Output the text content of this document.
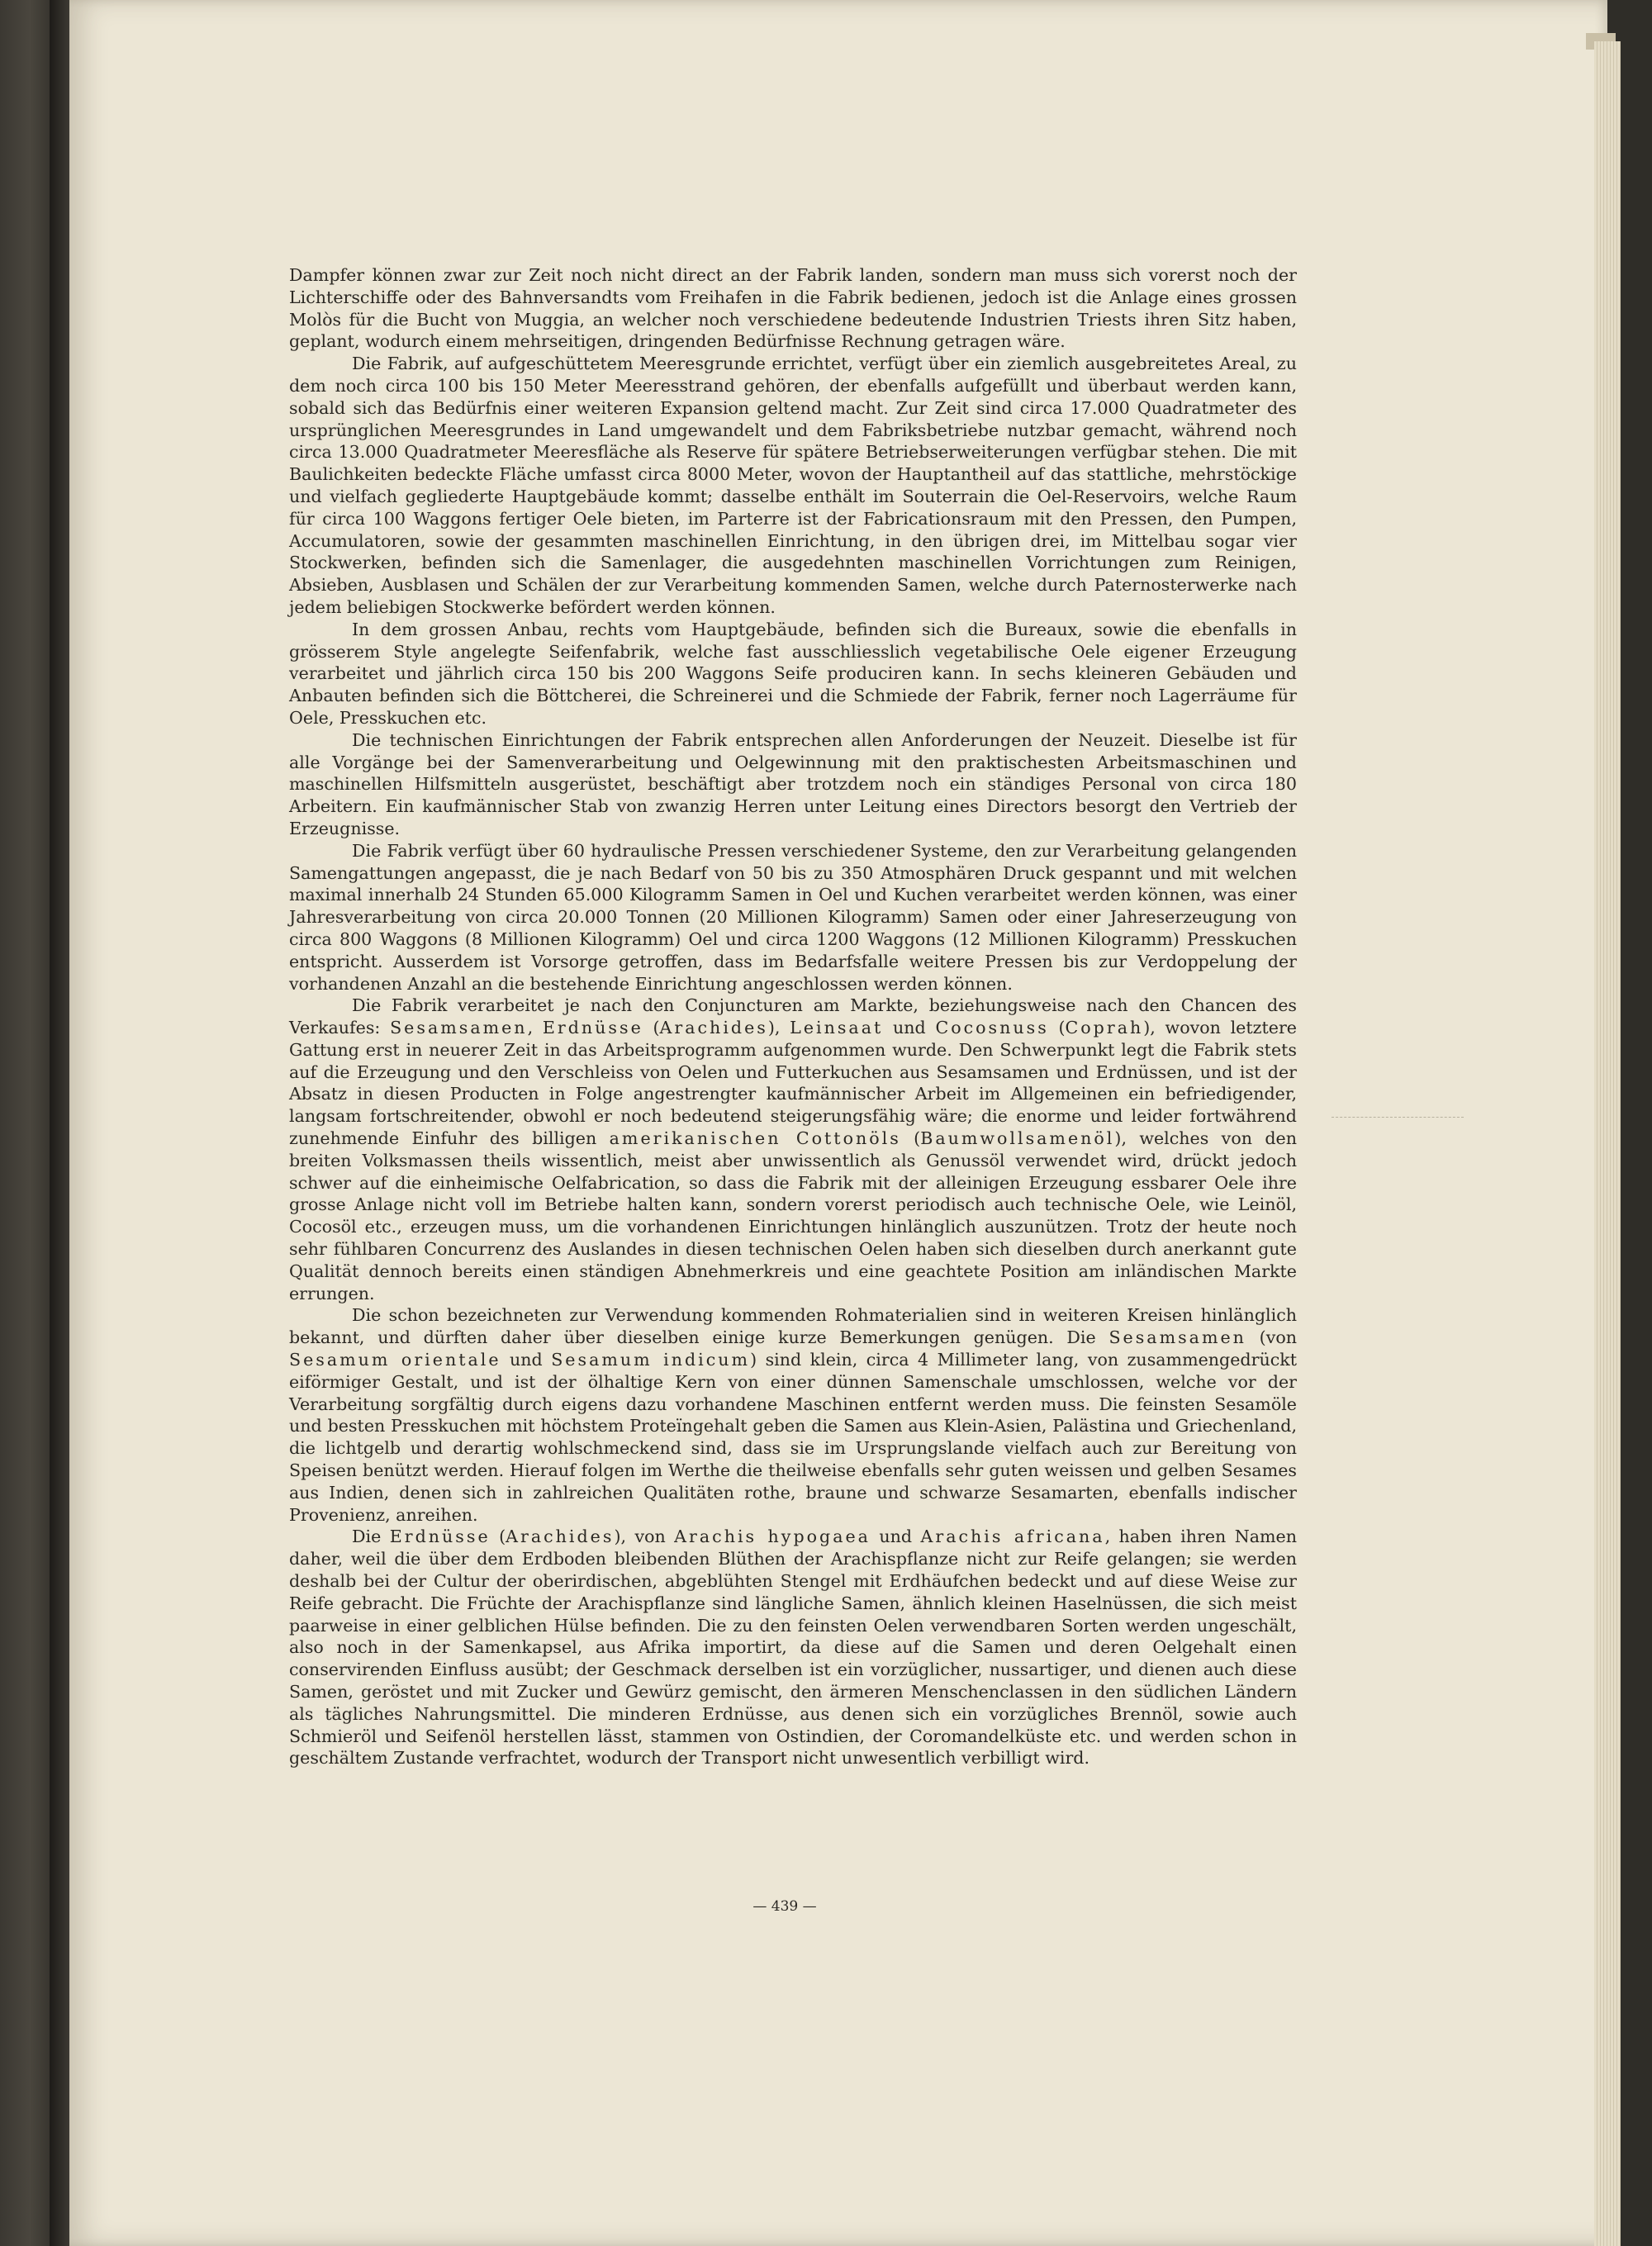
Dampfer können zwar zur Zeit noch nicht direct an der Fabrik landen, sondern man muss sich vorerst noch der Lichterschiffe oder des Bahnversandts vom Freihafen in die Fabrik bedienen, jedoch ist die Anlage eines grossen Molòs für die Bucht von Muggia, an welcher noch verschiedene bedeutende Industrien Triests ihren Sitz haben, geplant, wodurch einem mehrseitigen, dringenden Bedürfnisse Rechnung getragen wäre.

Die Fabrik, auf aufgeschüttetem Meeresgrunde errichtet, verfügt über ein ziemlich ausgebreitetes Areal, zu dem noch circa 100 bis 150 Meter Meeresstrand gehören, der ebenfalls aufgefüllt und überbaut werden kann, sobald sich das Bedürfnis einer weiteren Expansion geltend macht. Zur Zeit sind circa 17.000 Quadratmeter des ursprünglichen Meeresgrundes in Land umgewandelt und dem Fabriksbetriebe nutzbar gemacht, während noch circa 13.000 Quadratmeter Meeresfläche als Reserve für spätere Betriebserweiterungen verfügbar stehen. Die mit Baulichkeiten bedeckte Fläche umfasst circa 8000 Meter, wovon der Hauptantheil auf das stattliche, mehrstöckige und vielfach gegliederte Hauptgebäude kommt; dasselbe enthält im Souterrain die Oel-Reservoirs, welche Raum für circa 100 Waggons fertiger Oele bieten, im Parterre ist der Fabricationsraum mit den Pressen, den Pumpen, Accumulatoren, sowie der gesammten maschinellen Einrichtung, in den übrigen drei, im Mittelbau sogar vier Stockwerken, befinden sich die Samenlager, die ausgedehnten maschinellen Vorrichtungen zum Reinigen, Absieben, Ausblasen und Schälen der zur Verarbeitung kommenden Samen, welche durch Paternosterwerke nach jedem beliebigen Stockwerke befördert werden können.

In dem grossen Anbau, rechts vom Hauptgebäude, befinden sich die Bureaux, sowie die ebenfalls in grösserem Style angelegte Seifenfabrik, welche fast ausschliesslich vegetabilische Oele eigener Erzeugung verarbeitet und jährlich circa 150 bis 200 Waggons Seife produciren kann. In sechs kleineren Gebäuden und Anbauten befinden sich die Böttcherei, die Schreinerei und die Schmiede der Fabrik, ferner noch Lagerräume für Oele, Presskuchen etc.

Die technischen Einrichtungen der Fabrik entsprechen allen Anforderungen der Neuzeit. Dieselbe ist für alle Vorgänge bei der Samenverarbeitung und Oelgewinnung mit den praktischesten Arbeitsmaschinen und maschinellen Hilfsmitteln ausgerüstet, beschäftigt aber trotzdem noch ein ständiges Personal von circa 180 Arbeitern. Ein kaufmännischer Stab von zwanzig Herren unter Leitung eines Directors besorgt den Vertrieb der Erzeugnisse.

Die Fabrik verfügt über 60 hydraulische Pressen verschiedener Systeme, den zur Verarbeitung gelangenden Samengattungen angepasst, die je nach Bedarf von 50 bis zu 350 Atmosphären Druck gespannt und mit welchen maximal innerhalb 24 Stunden 65.000 Kilogramm Samen in Oel und Kuchen verarbeitet werden können, was einer Jahresverarbeitung von circa 20.000 Tonnen (20 Millionen Kilogramm) Samen oder einer Jahreserzeugung von circa 800 Waggons (8 Millionen Kilogramm) Oel und circa 1200 Waggons (12 Millionen Kilogramm) Presskuchen entspricht. Ausserdem ist Vorsorge getroffen, dass im Bedarfsfalle weitere Pressen bis zur Verdoppelung der vorhandenen Anzahl an die bestehende Einrichtung angeschlossen werden können.

Die Fabrik verarbeitet je nach den Conjuncturen am Markte, beziehungsweise nach den Chancen des Verkaufes: Sesamsamen, Erdnüsse (Arachides), Leinsaat und Cocosnuss (Coprah), wovon letztere Gattung erst in neuerer Zeit in das Arbeitsprogramm aufgenommen wurde. Den Schwerpunkt legt die Fabrik stets auf die Erzeugung und den Verschleiss von Oelen und Futterkuchen aus Sesamsamen und Erdnüssen, und ist der Absatz in diesen Producten in Folge angestrengter kaufmännischer Arbeit im Allgemeinen ein befriedigender, langsam fortschreitender, obwohl er noch bedeutend steigerungsfähig wäre; die enorme und leider fortwährend zunehmende Einfuhr des billigen amerikanischen Cottonöls (Baumwollsamenöl), welches von den breiten Volksmassen theils wissentlich, meist aber unwissentlich als Genussöl verwendet wird, drückt jedoch schwer auf die einheimische Oelfabrication, so dass die Fabrik mit der alleinigen Erzeugung essbarer Oele ihre grosse Anlage nicht voll im Betriebe halten kann, sondern vorerst periodisch auch technische Oele, wie Leinöl, Cocosöl etc., erzeugen muss, um die vorhandenen Einrichtungen hinlänglich auszunützen. Trotz der heute noch sehr fühlbaren Concurrenz des Auslandes in diesen technischen Oelen haben sich dieselben durch anerkannt gute Qualität dennoch bereits einen ständigen Abnehmerkreis und eine geachtete Position am inländischen Markte errungen.

Die schon bezeichneten zur Verwendung kommenden Rohmaterialien sind in weiteren Kreisen hinlänglich bekannt, und dürften daher über dieselben einige kurze Bemerkungen genügen. Die Sesamsamen (von Sesamum orientale und Sesamum indicum) sind klein, circa 4 Millimeter lang, von zusammengedrückt eiförmiger Gestalt, und ist der ölhaltige Kern von einer dünnen Samenschale umschlossen, welche vor der Verarbeitung sorgfältig durch eigens dazu vorhandene Maschinen entfernt werden muss. Die feinsten Sesamöle und besten Presskuchen mit höchstem Proteïngehalt geben die Samen aus Klein-Asien, Palästina und Griechenland, die lichtgelb und derartig wohlschmeckend sind, dass sie im Ursprungslande vielfach auch zur Bereitung von Speisen benützt werden. Hierauf folgen im Werthe die theilweise ebenfalls sehr guten weissen und gelben Sesames aus Indien, denen sich in zahlreichen Qualitäten rothe, braune und schwarze Sesamarten, ebenfalls indischer Provenienz, anreihen.

Die Erdnüsse (Arachides), von Arachis hypogaea und Arachis africana, haben ihren Namen daher, weil die über dem Erdboden bleibenden Blüthen der Arachispflanze nicht zur Reife gelangen; sie werden deshalb bei der Cultur der oberirdischen, abgeblühten Stengel mit Erdhäufchen bedeckt und auf diese Weise zur Reife gebracht. Die Früchte der Arachispflanze sind längliche Samen, ähnlich kleinen Haselnüssen, die sich meist paarweise in einer gelblichen Hülse befinden. Die zu den feinsten Oelen verwendbaren Sorten werden ungeschält, also noch in der Samenkapsel, aus Afrika importirt, da diese auf die Samen und deren Oelgehalt einen conservirenden Einfluss ausübt; der Geschmack derselben ist ein vorzüglicher, nussartiger, und dienen auch diese Samen, geröstet und mit Zucker und Gewürz gemischt, den ärmeren Menschenclassen in den südlichen Ländern als tägliches Nahrungsmittel. Die minderen Erdnüsse, aus denen sich ein vorzügliches Brennöl, sowie auch Schmieröl und Seifenöl herstellen lässt, stammen von Ostindien, der Coromandelküste etc. und werden schon in geschältem Zustande verfrachtet, wodurch der Transport nicht unwesentlich verbilligt wird.

— 439 —
